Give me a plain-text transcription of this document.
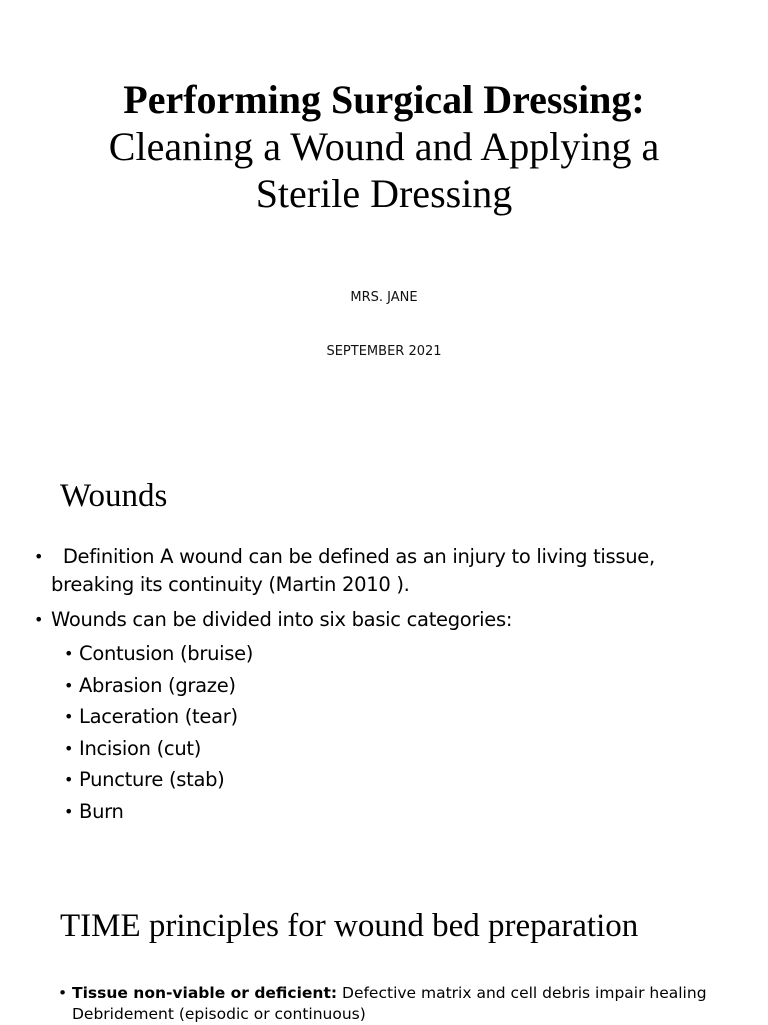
Performing Surgical Dressing: Cleaning a Wound and Applying a Sterile Dressing
MRS. JANE
SEPTEMBER 2021
Wounds
• Definition A wound can be defined as an injury to living tissue, breaking its continuity (Martin 2010 ).
• Wounds can be divided into six basic categories:
• Contusion (bruise)
• Abrasion (graze)
• Laceration (tear)
• Incision (cut)
• Puncture (stab)
• Burn
TIME principles for wound bed preparation
• Tissue non-viable or deficient: Defective matrix and cell debris impair healing Debridement (episodic or continuous)
